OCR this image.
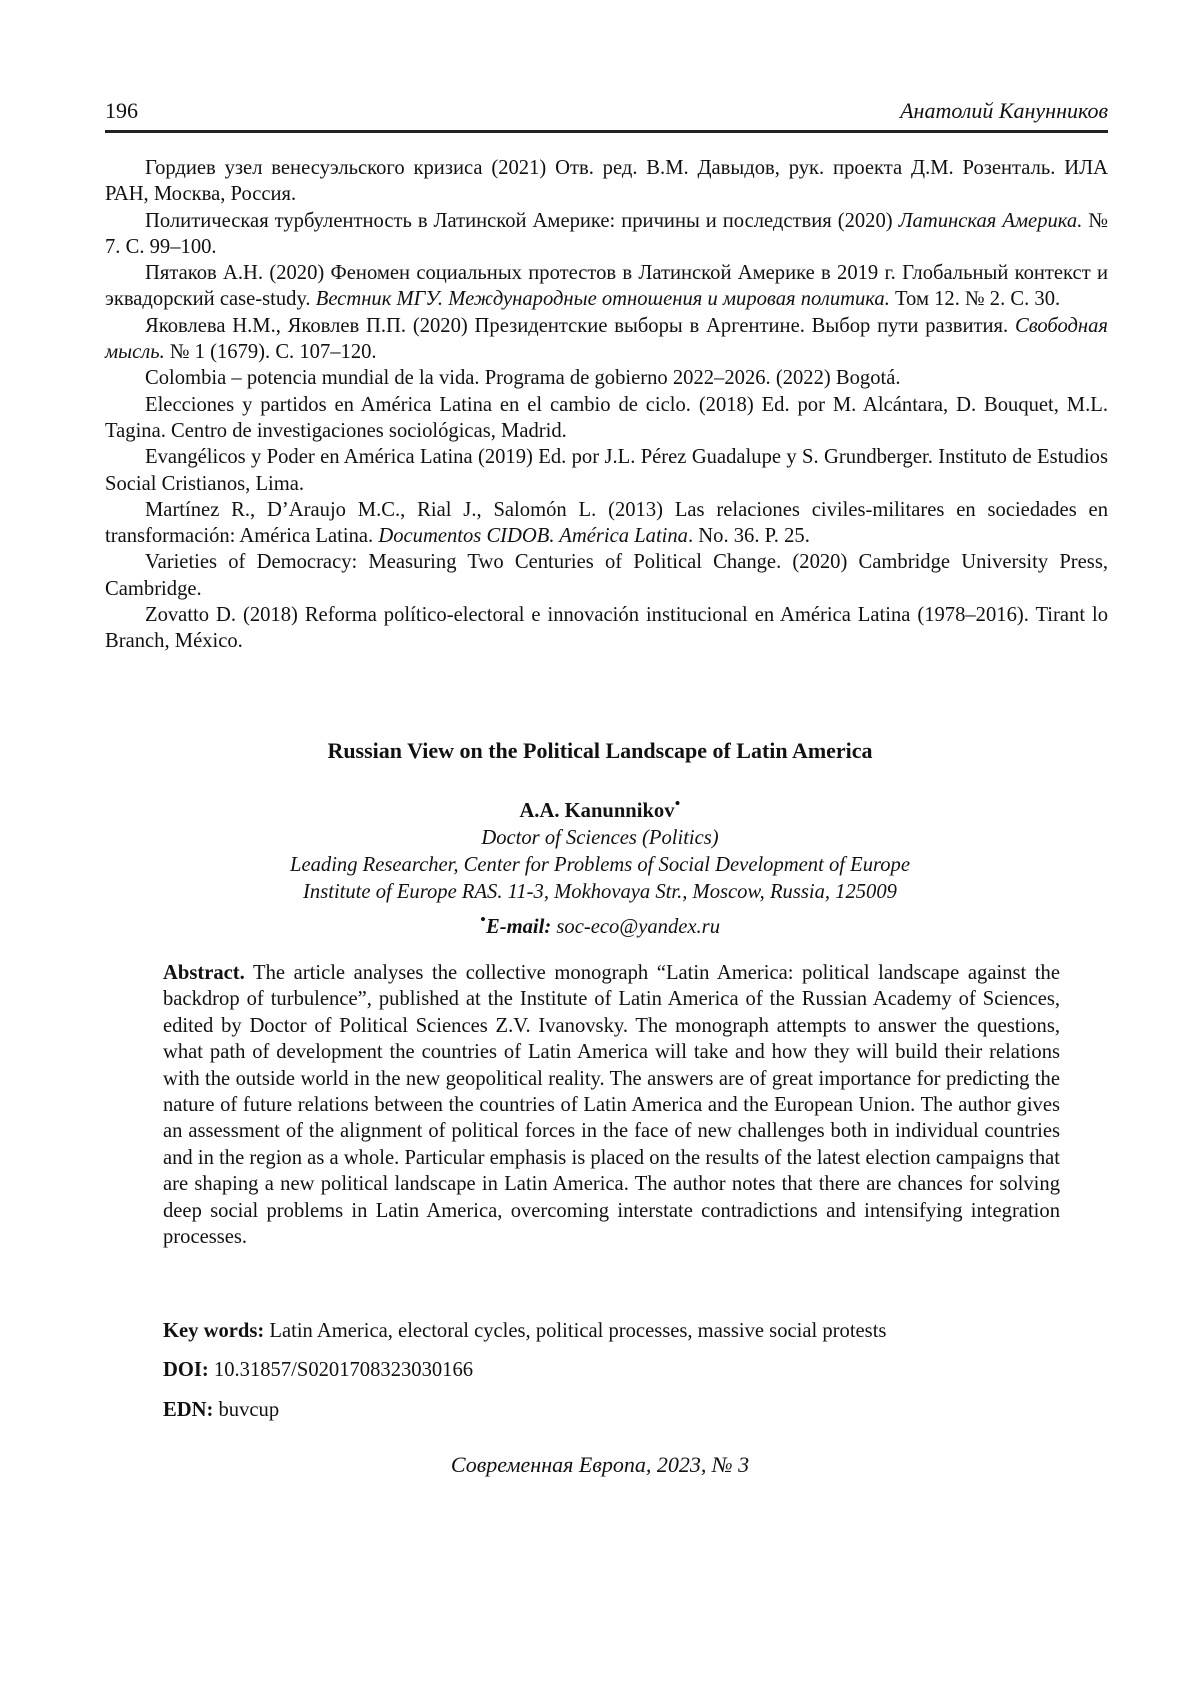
196	Анатолий Канунников

Гордиев узел венесуэльского кризиса (2021) Отв. ред. В.М. Давыдов, рук. проекта Д.М. Розенталь. ИЛА РАН, Москва, Россия.

Политическая турбулентность в Латинской Америке: причины и последствия (2020) Латинская Америка. № 7. С. 99–100.

Пятаков А.Н. (2020) Феномен социальных протестов в Латинской Америке в 2019 г. Глобальный контекст и эквадорский case-study. Вестник МГУ. Международные отношения и мировая политика. Том 12. № 2. С. 30.

Яковлева Н.М., Яковлев П.П. (2020) Президентские выборы в Аргентине. Выбор пути развития. Свободная мысль. № 1 (1679). С. 107–120.

Colombia – potencia mundial de la vida. Programa de gobierno 2022–2026. (2022) Bogotá.

Elecciones y partidos en América Latina en el cambio de ciclo. (2018) Ed. por M. Alcántara, D. Bouquet, M.L. Tagina. Centro de investigaciones sociológicas, Madrid.

Evangélicos y Poder en América Latina (2019) Ed. por J.L. Pérez Guadalupe y S. Grundberger. Instituto de Estudios Social Cristianos, Lima.

Martínez R., D’Araujo M.C., Rial J., Salomón L. (2013) Las relaciones civiles-militares en sociedades en transformación: América Latina. Documentos CIDOB. América Latina. No. 36. P. 25.

Varieties of Democracy: Measuring Two Centuries of Political Change. (2020) Cambridge University Press, Cambridge.

Zovatto D. (2018) Reforma político-electoral e innovación institucional en América Latina (1978–2016). Tirant lo Branch, México.

Russian View on the Political Landscape of Latin America
A.A. Kanunnikov•
Doctor of Sciences (Politics)
Leading Researcher, Center for Problems of Social Development of Europe
Institute of Europe RAS. 11-3, Mokhovaya Str., Moscow, Russia, 125009
•E-mail: soc-eco@yandex.ru

Abstract. The article analyses the collective monograph “Latin America: political landscape against the backdrop of turbulence”, published at the Institute of Latin America of the Russian Academy of Sciences, edited by Doctor of Political Sciences Z.V. Ivanovsky. The monograph attempts to answer the questions, what path of development the countries of Latin America will take and how they will build their relations with the outside world in the new geopolitical reality. The answers are of great importance for predicting the nature of future relations between the countries of Latin America and the European Union. The author gives an assessment of the alignment of political forces in the face of new challenges both in individual countries and in the region as a whole. Particular emphasis is placed on the results of the latest election campaigns that are shaping a new political landscape in Latin America. The author notes that there are chances for solving deep social problems in Latin America, overcoming interstate contradictions and intensifying integration processes.

Key words: Latin America, electoral cycles, political processes, massive social protests
DOI: 10.31857/S0201708323030166
EDN: buvcup
Современная Европа, 2023, № 3
